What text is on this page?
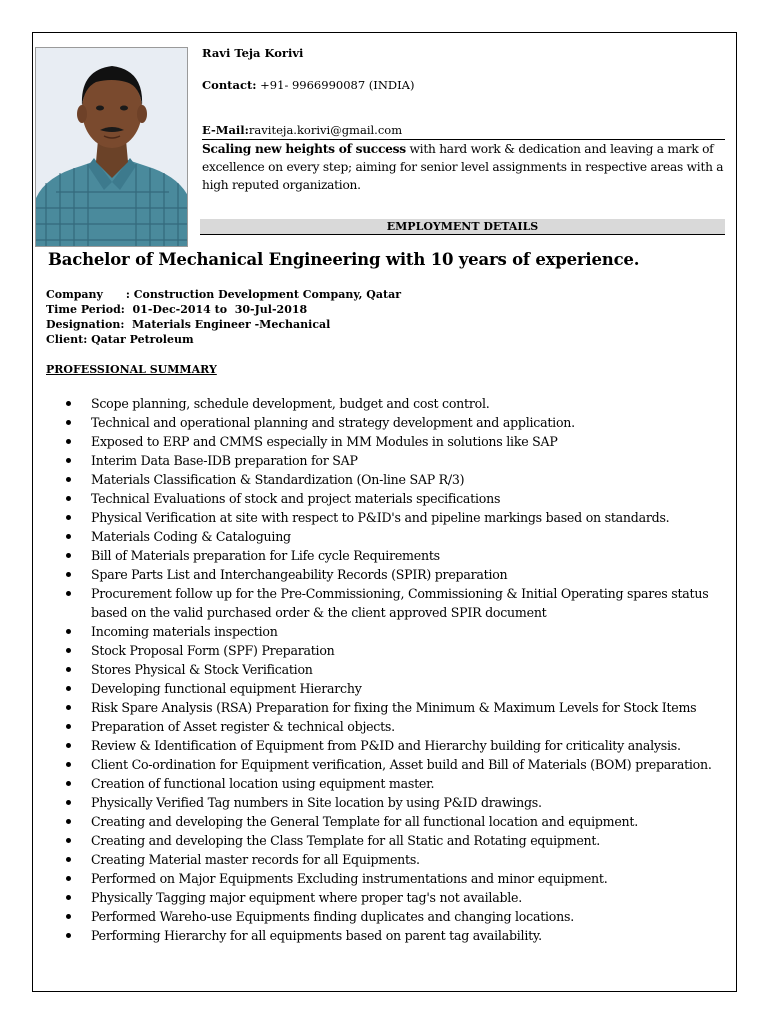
Ravi Teja Korivi
Contact: +91- 9966990087 (INDIA)
E-Mail:raviteja.korivi@gmail.com
Scaling new heights of success with hard work & dedication and leaving a mark of excellence on every step; aiming for senior level assignments in respective areas with a high reputed organization.
EMPLOYMENT DETAILS
Bachelor of Mechanical Engineering with 10 years of experience.
Company      : Construction Development Company, Qatar
Time Period:  01-Dec-2014 to  30-Jul-2018
Designation:  Materials Engineer -Mechanical
Client: Qatar Petroleum
PROFESSIONAL SUMMARY
Scope planning, schedule development, budget and cost control.
Technical and operational planning and strategy development and application.
Exposed to ERP and CMMS especially in MM Modules in solutions like SAP
Interim Data Base-IDB preparation for SAP
Materials Classification & Standardization (On-line SAP R/3)
Technical Evaluations of stock and project materials specifications
Physical Verification at site with respect to P&ID's and pipeline markings based on standards.
Materials Coding & Cataloguing
Bill of Materials preparation for Life cycle Requirements
Spare Parts List and Interchangeability Records (SPIR) preparation
Procurement follow up for the Pre-Commissioning, Commissioning & Initial Operating spares status based on the valid purchased order & the client approved SPIR document
Incoming materials inspection
Stock Proposal Form (SPF) Preparation
Stores Physical & Stock Verification
Developing functional equipment Hierarchy
Risk Spare Analysis (RSA) Preparation for fixing the Minimum & Maximum Levels for Stock Items
Preparation of Asset register & technical objects.
Review & Identification of Equipment from P&ID and Hierarchy building for criticality analysis.
Client Co-ordination for Equipment verification, Asset build and Bill of Materials (BOM) preparation.
Creation of functional location using equipment master.
Physically Verified Tag numbers in Site location by using P&ID drawings.
Creating and developing the General Template for all functional location and equipment.
Creating and developing the Class Template for all Static and Rotating equipment.
Creating Material master records for all Equipments.
Performed on Major Equipments Excluding instrumentations and minor equipment.
Physically Tagging major equipment where proper tag's not available.
Performed Wareho-use Equipments finding duplicates and changing locations.
Performing Hierarchy for all equipments based on parent tag availability.
